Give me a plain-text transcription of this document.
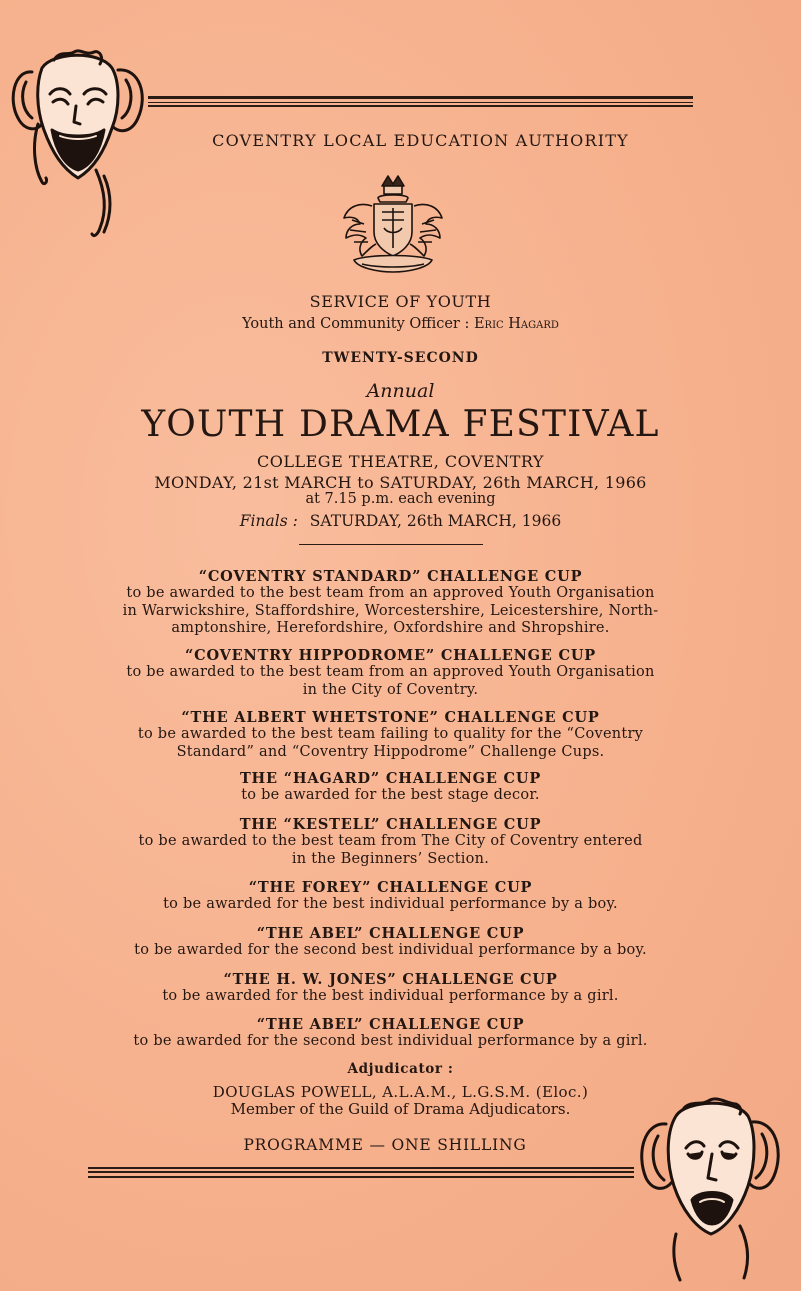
COVENTRY LOCAL EDUCATION AUTHORITY
SERVICE OF YOUTH
Youth and Community Officer : Eric Hagard
TWENTY-SECOND
Annual
YOUTH DRAMA FESTIVAL
COLLEGE THEATRE, COVENTRY
MONDAY, 21st MARCH to SATURDAY, 26th MARCH, 1966
at 7.15 p.m. each evening
Finals : SATURDAY, 26th MARCH, 1966
“COVENTRY STANDARD” CHALLENGE CUP
to be awarded to the best team from an approved Youth Organisation
in Warwickshire, Staffordshire, Worcestershire, Leicestershire, North-
amptonshire, Herefordshire, Oxfordshire and Shropshire.
“COVENTRY HIPPODROME” CHALLENGE CUP
to be awarded to the best team from an approved Youth Organisation
in the City of Coventry.
“THE ALBERT WHETSTONE” CHALLENGE CUP
to be awarded to the best team failing to quality for the “Coventry
Standard” and “Coventry Hippodrome” Challenge Cups.
THE “HAGARD” CHALLENGE CUP
to be awarded for the best stage decor.
THE “KESTELL” CHALLENGE CUP
to be awarded to the best team from The City of Coventry entered
in the Beginners’ Section.
“THE FOREY” CHALLENGE CUP
to be awarded for the best individual performance by a boy.
“THE ABEL” CHALLENGE CUP
to be awarded for the second best individual performance by a boy.
“THE H. W. JONES” CHALLENGE CUP
to be awarded for the best individual performance by a girl.
“THE ABEL” CHALLENGE CUP
to be awarded for the second best individual performance by a girl.
Adjudicator :
DOUGLAS POWELL, A.L.A.M., L.G.S.M. (Eloc.)
Member of the Guild of Drama Adjudicators.
PROGRAMME — ONE SHILLING
